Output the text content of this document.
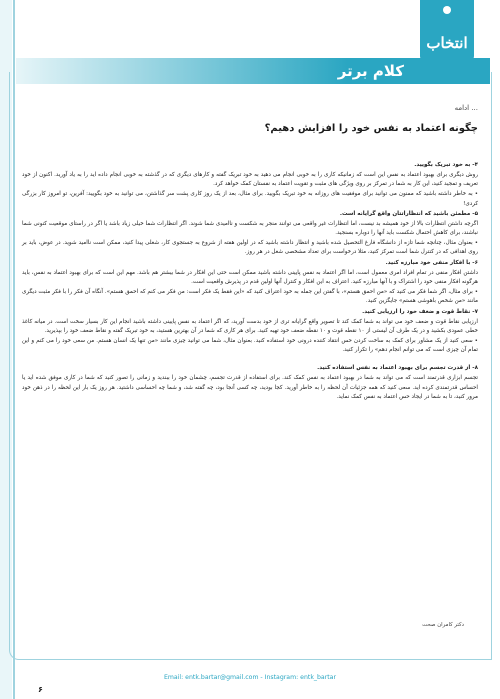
انتخاب
کلام برتر
... ادامه
چگونه اعتماد به نفس خود را افزایش دهیم؟

۴- به خود تبریک بگویید.

روش دیگری برای بهبود اعتماد به نفس این است که زمانیکه کاری را به خوبی انجام می دهید به خود تبریک گفته و کارهای دیگری که در گذشته به خوبی انجام داده اید را به یاد آورید. اکنون از خود تعریف و تمجید کنید، این کار به شما در تمرکز بر روی ویژگی های مثبت و تقویت اعتماد به نفستان کمک خواهد کرد.

• به خاطر داشته باشید که ممنون می توانید برای موفقیت های روزانه به خود تبریک بگویید. برای مثال، بعد از یک روز کاری پشت سر گذاشتن، می توانید به خود بگویید: آفرین، تو امروز کار بزرگی کردی!

۵- مطمئن باشید که انتظاراتتان واقع گرایانه است.

اگرچه داشتن انتظارات بالا از خود همیشه بد نیست، اما انتظارات غیر واقعی می توانند منجر به شکست و ناامیدی شما شوند. اگر انتظارات شما خیلی زیاد باشد یا اگر در راستای موقعیت کنونی شما نباشند، برای کاهش احتمال شکست باید آنها را دوباره بسنجید.

• بعنوان مثال، چنانچه شما تازه از دانشگاه فارغ التحصیل شده باشید و انتظار داشته باشید که در اولین هفته از شروع به جستجوی کار، شغلی پیدا کنید، ممکن است ناامید شوید. در عوض، باید بر روی اهدافی که در کنترل شما است تمرکز کنید، مثلا درخواست برای تعداد مشخصی شغل در هر روز.

۶- با افکار منفی خود مبارزه کنید.

داشتن افکار منفی در تمام افراد امری معمول است، اما اگر اعتماد به نفس پایینی داشته باشید ممکن است حتی این افکار در شما بیشتر هم باشد. مهم این است که برای بهبود اعتماد به نفس، باید هرگونه افکار منفی خود را اشتراک و با آنها مبارزه کنید. اعتراف به این افکار و کنترل آنها اولین قدم در پذیرش واقعیت است.

• برای مثال، اگر شما فکر می کنید که «من احمق هستم»، با گفتن این جمله به خود اعتراف کنید که «این فقط یک فکر است: من فکر می کنم که احمق هستم». آنگاه آن فکر را با فکر مثبت دیگری مانند «من شخص باهوشی هستم» جایگزین کنید.

۷- نقاط قوت و ضعف خود را ارزیابی کنید.

ارزیابی نقاط قوت و ضعف خود می تواند به شما کمک کند تا تصویر واقع گرایانه تری از خود بدست آورید، که اگر اعتماد به نفس پایینی داشته باشید انجام این کار بسیار سخت است. در میانه کاغذ خطی عمودی بکشید و در یک طرف آن لیستی از ۱۰ نقطه قوت و ۱۰ نقطه ضعف خود تهیه کنید. برای هر کاری که شما در آن بهترین هستید، به خود تبریک گفته و نقاط ضعف خود را بپذیرید.

• سعی کنید از یک مشاور برای کمک به ساخت کردن حس انتقاد کننده درونی خود استفاده کنید. بعنوان مثال، شما می توانید چیزی مانند «من تنها یک انسان هستم. من سعی خود را می کنم و این تمام آن چیزی است که می توانم انجام دهم» را تکرار کنید.

۸- از قدرت تجسم برای بهبود اعتماد به نفس استفاده کنید.

تجسم ابزاری قدرتمند است که می تواند به شما در بهبود اعتماد به نفس کمک کند. برای استفاده از قدرت تجسم، چشمان خود را ببندید و زمانی را تصور کنید که شما در کاری موفق شده اید یا احساس قدرتمندی کرده اید. سعی کنید که همه جزئیات آن لحظه را به خاطر آورید. کجا بودید، چه کسی آنجا بود، چه گفته شد، و شما چه احساسی داشتید. هر روز یک بار این لحظه را در ذهن خود مرور کنید، تا به شما در ایجاد حس اعتماد به نفس کمک نماید.

دکتر کامران صحت
Email: entk.bartar@gmail.com - Instagram: entk_bartar
۶
